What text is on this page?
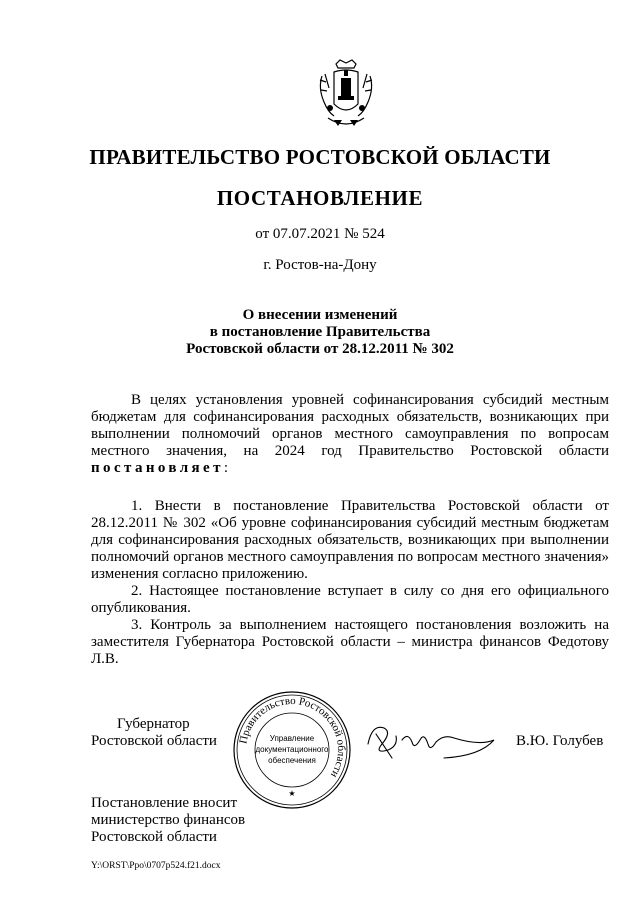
ПРАВИТЕЛЬСТВО РОСТОВСКОЙ ОБЛАСТИ
ПОСТАНОВЛЕНИЕ
от 07.07.2021 № 524
г. Ростов-на-Дону
О внесении изменений
в постановление Правительства
Ростовской области от 28.12.2011 № 302

В целях установления уровней софинансирования субсидий местным бюджетам для софинансирования расходных обязательств, возникающих при выполнении полномочий органов местного самоуправления по вопросам местного значения, на 2024 год Правительство Ростовской области постановляет:

1. Внести в постановление Правительства Ростовской области от 28.12.2011 № 302 «Об уровне софинансирования субсидий местным бюджетам для софинансирования расходных обязательств, возникающих при выполнении полномочий органов местного самоуправления по вопросам местного значения» изменения согласно приложению.

2. Настоящее постановление вступает в силу со дня его официального опубликования.

3. Контроль за выполнением настоящего постановления возложить на заместителя Губернатора Ростовской области – министра финансов Федотову Л.В.

Губернатор
Ростовской области Правительство Ростовской области
Управление
документационного
обеспечения
★
В.Ю. Голубев
Постановление вносит
министерство финансов
Ростовской области
Y:\ORST\Ppo\0707p524.f21.docx
